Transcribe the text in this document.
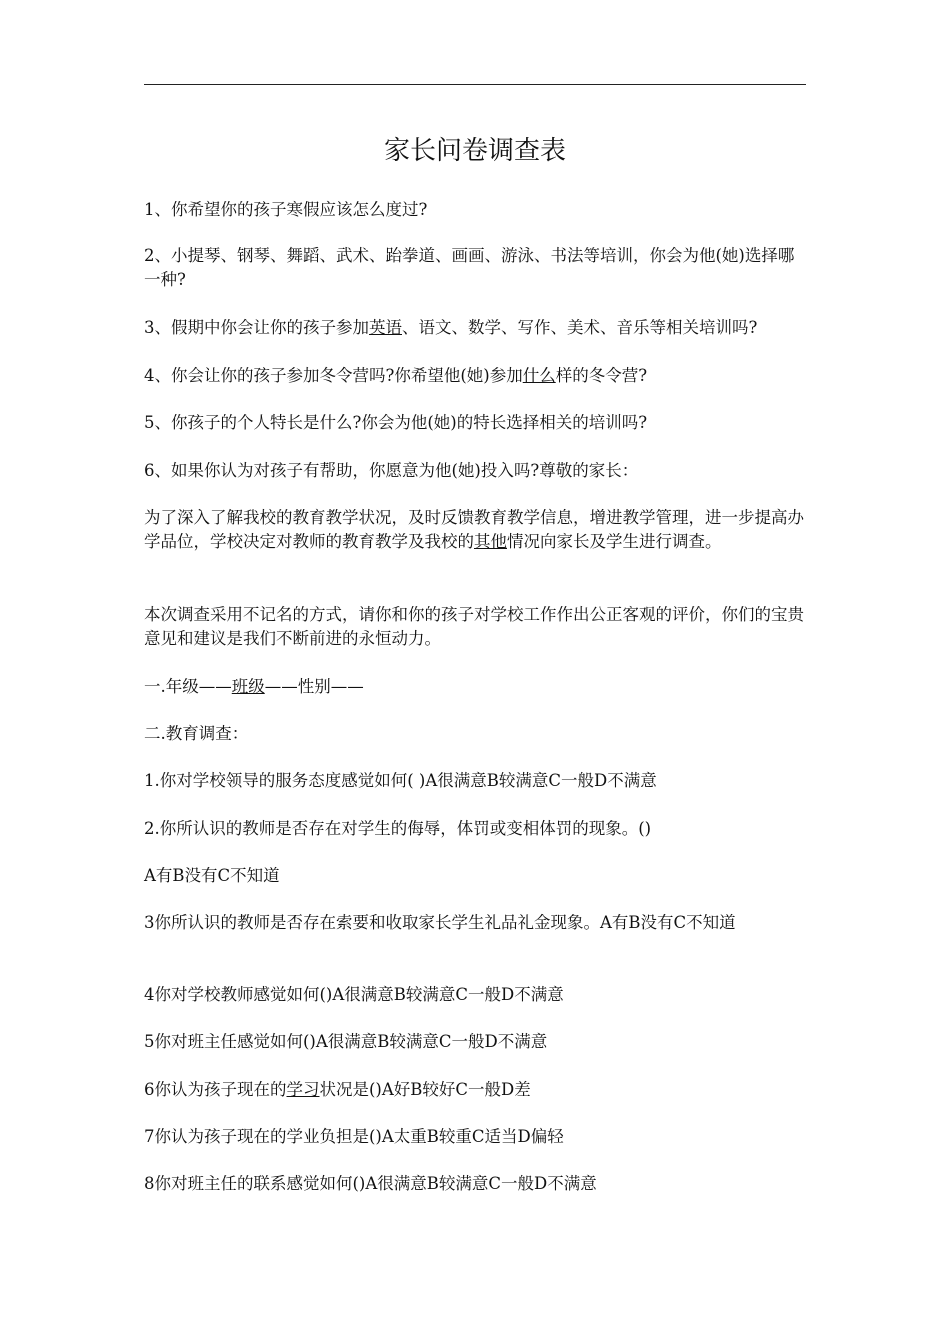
家长问卷调查表

1、你希望你的孩子寒假应该怎么度过?

2、小提琴、钢琴、舞蹈、武术、跆拳道、画画、游泳、书法等培训，你会为他(她)选择哪一种?

3、假期中你会让你的孩子参加英语、语文、数学、写作、美术、音乐等相关培训吗?

4、你会让你的孩子参加冬令营吗?你希望他(她)参加什么样的冬令营?

5、你孩子的个人特长是什么?你会为他(她)的特长选择相关的培训吗?

6、如果你认为对孩子有帮助，你愿意为他(她)投入吗?尊敬的家长：

为了深入了解我校的教育教学状况，及时反馈教育教学信息，增进教学管理，进一步提高办学品位，学校决定对教师的教育教学及我校的其他情况向家长及学生进行调查。

本次调查采用不记名的方式，请你和你的孩子对学校工作作出公正客观的评价，你们的宝贵意见和建议是我们不断前进的永恒动力。

一.年级——班级——性别——

二.教育调查：

1.你对学校领导的服务态度感觉如何( )A很满意B较满意C一般D不满意

2.你所认识的教师是否存在对学生的侮辱，体罚或变相体罚的现象。()

A有B没有C不知道

3你所认识的教师是否存在索要和收取家长学生礼品礼金现象。A有B没有C不知道

4你对学校教师感觉如何()A很满意B较满意C一般D不满意

5你对班主任感觉如何()A很满意B较满意C一般D不满意

6你认为孩子现在的学习状况是()A好B较好C一般D差

7你认为孩子现在的学业负担是()A太重B较重C适当D偏轻

8你对班主任的联系感觉如何()A很满意B较满意C一般D不满意
